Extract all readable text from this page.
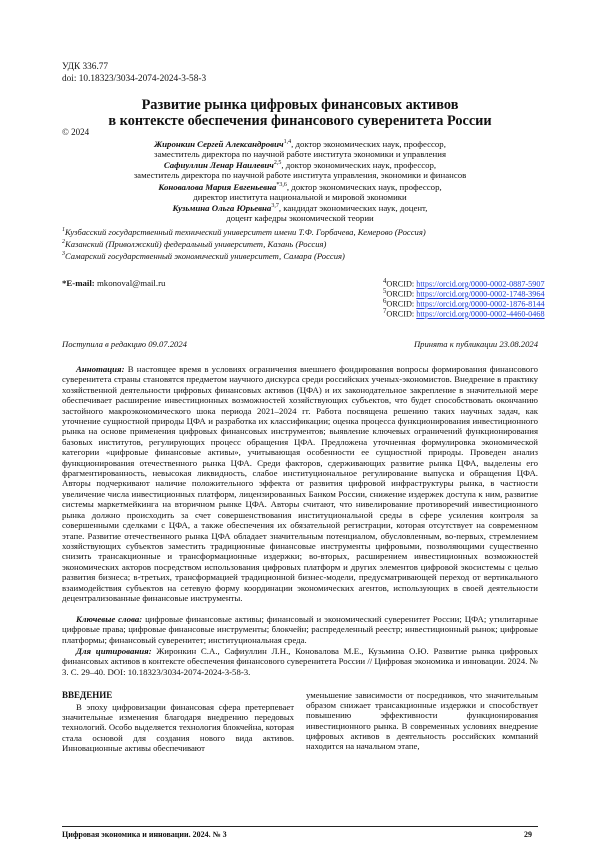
УДК 336.77
doi: 10.18323/3034-2074-2024-3-58-3
Развитие рынка цифровых финансовых активов
в контексте обеспечения финансового суверенитета России
© 2024
Жиронкин Сергей Александрович$^{1,4}$, доктор экономических наук, профессор,
заместитель директора по научной работе института экономики и управления
Сафиуллин Ленар Наилевич$^{2,5}$, доктор экономических наук, профессор,
заместитель директора по научной работе института управления, экономики и финансов
Коновалова Мария Евгеньевна$^{*3,6}$, доктор экономических наук, профессор,
директор института национальной и мировой экономики
Кузьмина Ольга Юрьевна$^{3,7}$, кандидат экономических наук, доцент,
доцент кафедры экономической теории
$^1$Кузбасский государственный технический университет имени Т.Ф. Горбачева, Кемерово (Россия)
$^2$Казанский (Приволжский) федеральный университет, Казань (Россия)
$^3$Самарский государственный экономический университет, Самара (Россия)
*E-mail: mkonoval@mail.ru	$^4$ORCID: https://orcid.org/0000-0002-0887-5907
$^5$ORCID: https://orcid.org/0000-0002-1748-3964
$^6$ORCID: https://orcid.org/0000-0002-1876-8144
$^7$ORCID: https://orcid.org/0000-0002-4460-0468
Поступила в редакцию 09.07.2024	Принята к публикации 23.08.2024
Аннотация: В настоящее время в условиях ограничения внешнего фондирования вопросы формирования финансового суверенитета страны становятся предметом научного дискурса среди российских ученых-экономистов. Внедрение в практику хозяйственной деятельности цифровых финансовых активов (ЦФА) и их законодательное закрепление в значительной мере обеспечивает расширение инвестиционных возможностей хозяйствующих субъектов, что будет способствовать окончанию застойного макроэкономического шока периода 2021–2024 гг. Работа посвящена решению таких научных задач, как уточнение сущностной природы ЦФА и разработка их классификации; оценка процесса функционирования инвестиционного рынка на основе применения цифровых финансовых инструментов; выявление ключевых ограничений функционирования базовых институтов, регулирующих процесс обращения ЦФА. Предложена уточненная формулировка экономической категории «цифровые финансовые активы», учитывающая особенности ее сущностной природы. Проведен анализ функционирования отечественного рынка ЦФА. Среди факторов, сдерживающих развитие рынка ЦФА, выделены его фрагментированность, невысокая ликвидность, слабое институциональное регулирование выпуска и обращения ЦФА. Авторы подчеркивают наличие положительного эффекта от развития цифровой инфраструктуры рынка, в частности увеличение числа инвестиционных платформ, лицензированных Банком России, снижение издержек доступа к ним, развитие системы маркетмейкинга на вторичном рынке ЦФА. Авторы считают, что нивелирование противоречий инвестиционного рынка должно происходить за счет совершенствования институциональной среды в сфере усиления контроля за совершенными сделками с ЦФА, а также обеспечения их обязательной регистрации, которая отсутствует на современном этапе. Развитие отечественного рынка ЦФА обладает значительным потенциалом, обусловленным, во-первых, стремлением хозяйствующих субъектов заместить традиционные финансовые инструменты цифровыми, позволяющими существенно снизить трансакционные и трансформационные издержки; во-вторых, расширением инвестиционных возможностей экономических акторов посредством использования цифровых платформ и других элементов цифровой экосистемы с целью развития бизнеса; в-третьих, трансформацией традиционной бизнес-модели, предусматривающей переход от вертикального взаимодействия субъектов на сетевую форму координации экономических агентов, использующих в своей деятельности децентрализованные финансовые инструменты.
Ключевые слова: цифровые финансовые активы; финансовый и экономический суверенитет России; ЦФА; утилитарные цифровые права; цифровые финансовые инструменты; блокчейн; распределенный реестр; инвестиционный рынок; цифровые платформы; финансовый суверенитет; институциональная среда.
Для цитирования: Жиронкин С.А., Сафиуллин Л.Н., Коновалова М.Е., Кузьмина О.Ю. Развитие рынка цифровых финансовых активов в контексте обеспечения финансового суверенитета России // Цифровая экономика и инновации. 2024. № 3. С. 29–40. DOI: 10.18323/3034-2074-2024-3-58-3.
ВВЕДЕНИЕ
В эпоху цифровизации финансовая сфера претерпевает значительные изменения благодаря внедрению передовых технологий. Особо выделяется технология блокчейна, которая стала основой для создания нового вида активов. Инновационные активы обеспечивают
уменьшение зависимости от посредников, что значительным образом снижает трансакционные издержки и способствует повышению эффективности функционирования инвестиционного рынка. В современных условиях внедрение цифровых активов в деятельность российских компаний находится на начальном этапе,
Цифровая экономика и инновации. 2024. № 3	29
